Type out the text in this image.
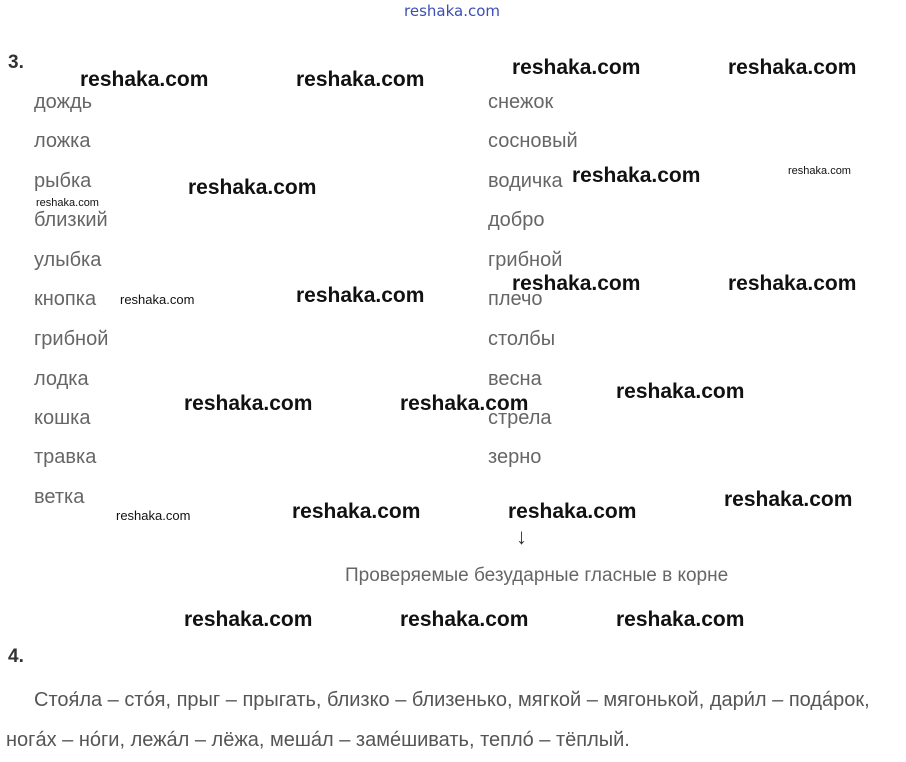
reshaka.com
3.
дождь
ложка
рыбка
близкий
улыбка
кнопка
грибной
лодка
кошка
травка
ветка
снежок
сосновый
водичка
добро
грибной
плечо
столбы
весна
стрела
зерно
↓
Проверяемые безударные гласные в корне
4.
Стоя́ла – стóя, прыг – прыгать, близко – близенько, мягкой – мягонькой, дари́л – подáрок, ногáх – нóги, лежáл – лёжа, мешáл – замéшивать, теплó – тёплый.
reshaka.com	reshaka.com
reshaka.com	reshaka.com
reshaka.com
reshaka.com	reshaka.com
reshaka.com
reshaka.com	reshaka.com
reshaka.com	reshaka.com
reshaka.com	reshaka.com
reshaka.com
reshaka.com
reshaka.com	reshaka.com	reshaka.com
reshaka.com	reshaka.com	reshaka.com
